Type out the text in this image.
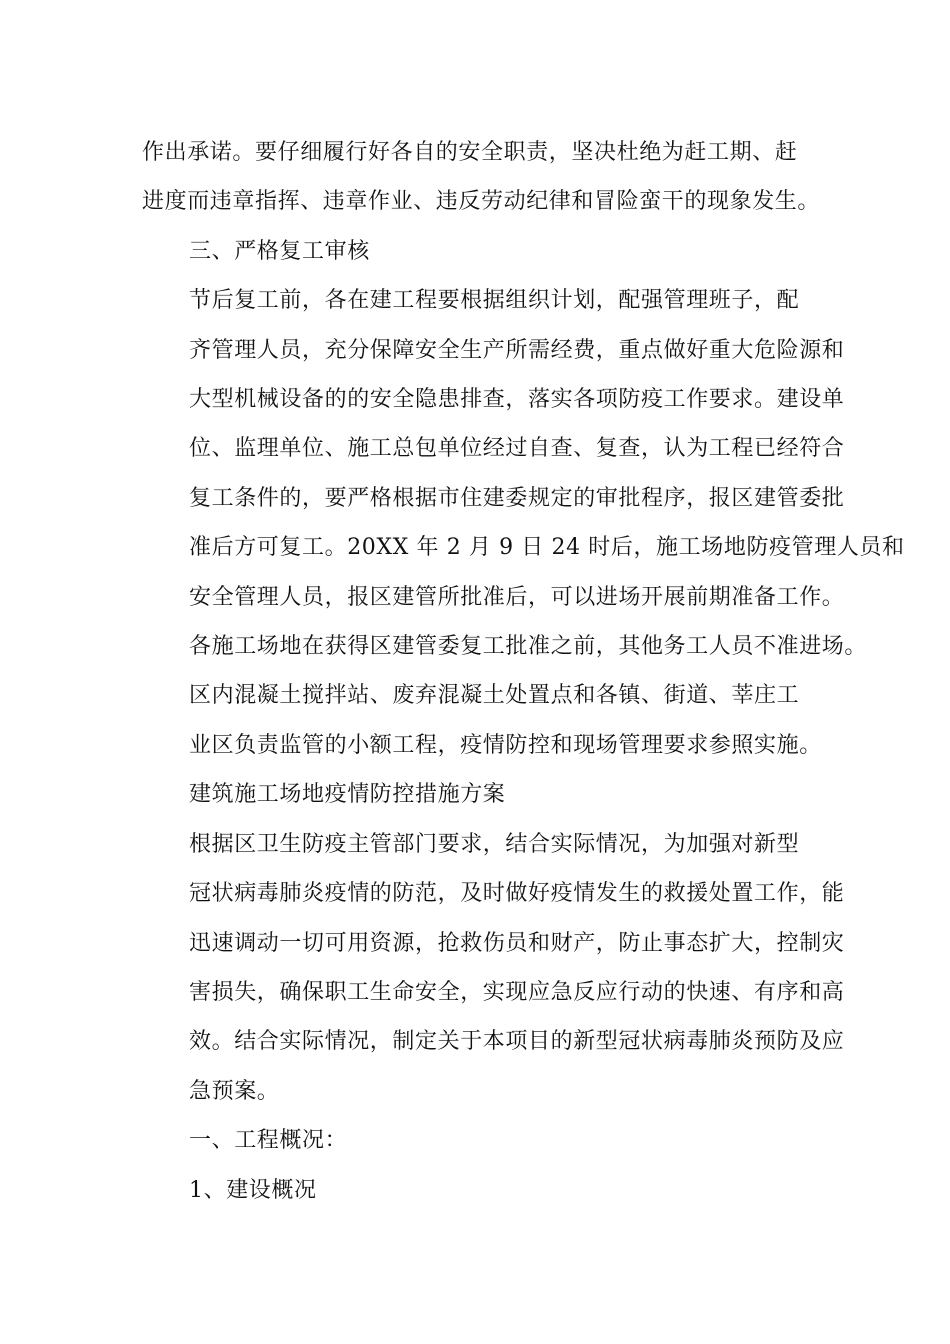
作出承诺。要仔细履行好各自的安全职责，坚决杜绝为赶工期、赶
进度而违章指挥、违章作业、违反劳动纪律和冒险蛮干的现象发生。

三、严格复工审核

节后复工前，各在建工程要根据组织计划，配强管理班子，配
齐管理人员，充分保障安全生产所需经费，重点做好重大危险源和
大型机械设备的的安全隐患排查，落实各项防疫工作要求。建设单
位、监理单位、施工总包单位经过自查、复查，认为工程已经符合
复工条件的，要严格根据市住建委规定的审批程序，报区建管委批
准后方可复工。20XX 年 2 月 9 日 24 时后，施工场地防疫管理人员和
安全管理人员，报区建管所批准后，可以进场开展前期准备工作。
各施工场地在获得区建管委复工批准之前，其他务工人员不准进场。

区内混凝土搅拌站、废弃混凝土处置点和各镇、街道、莘庄工
业区负责监管的小额工程，疫情防控和现场管理要求参照实施。

建筑施工场地疫情防控措施方案

根据区卫生防疫主管部门要求，结合实际情况，为加强对新型
冠状病毒肺炎疫情的防范，及时做好疫情发生的救援处置工作，能
迅速调动一切可用资源，抢救伤员和财产，防止事态扩大，控制灾
害损失，确保职工生命安全，实现应急反应行动的快速、有序和高
效。结合实际情况，制定关于本项目的新型冠状病毒肺炎预防及应
急预案。

一、工程概况：

1、建设概况
